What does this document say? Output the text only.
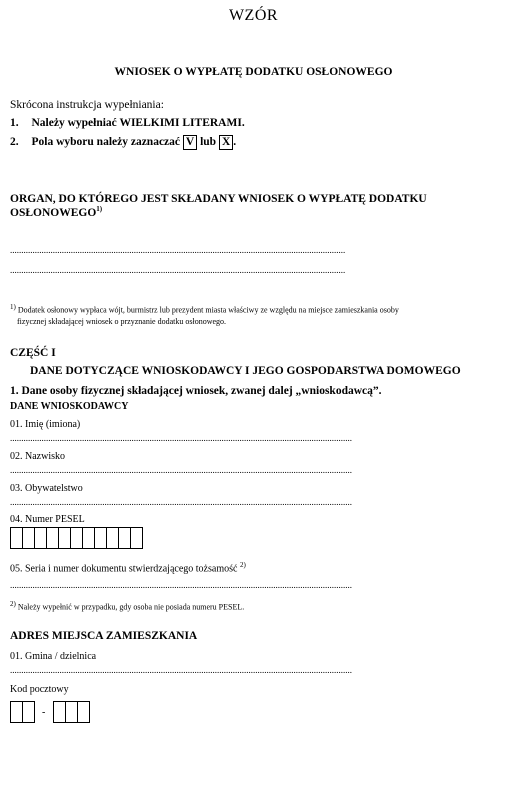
WZÓR
WNIOSEK O WYPŁATĘ DODATKU OSŁONOWEGO
Skrócona instrukcja wypełniania:
1. Należy wypełniać WIELKIMI LITERAMI.
2. Pola wyboru należy zaznaczać V lub X .
ORGAN, DO KTÓREGO JEST SKŁADANY WNIOSEK O WYPŁATĘ DODATKU
OSŁONOWEGO$^{1)}$
.....................................................................................................................................................
.....................................................................................................................................................
$^{1)}$ Dodatek osłonowy wypłaca wójt, burmistrz lub prezydent miasta właściwy ze względu na miejsce zamieszkania osoby
fizycznej składającej wniosek o przyznanie dodatku osłonowego.
CZĘŚĆ I
DANE DOTYCZĄCE WNIOSKODAWCY I JEGO GOSPODARSTWA DOMOWEGO
1. Dane osoby fizycznej składającej wniosek, zwanej dalej „wnioskodawcą”.
DANE WNIOSKODAWCY
01. Imię (imiona)
........................................................................................................................................................
02. Nazwisko
........................................................................................................................................................
03. Obywatelstwo
........................................................................................................................................................
04. Numer PESEL
05. Seria i numer dokumentu stwierdzającego tożsamość $^{2)}$
........................................................................................................................................................
$^{2)}$ Należy wypełnić w przypadku, gdy osoba nie posiada numeru PESEL.
ADRES MIEJSCA ZAMIESZKANIA
01. Gmina / dzielnica
........................................................................................................................................................
Kod pocztowy
-
